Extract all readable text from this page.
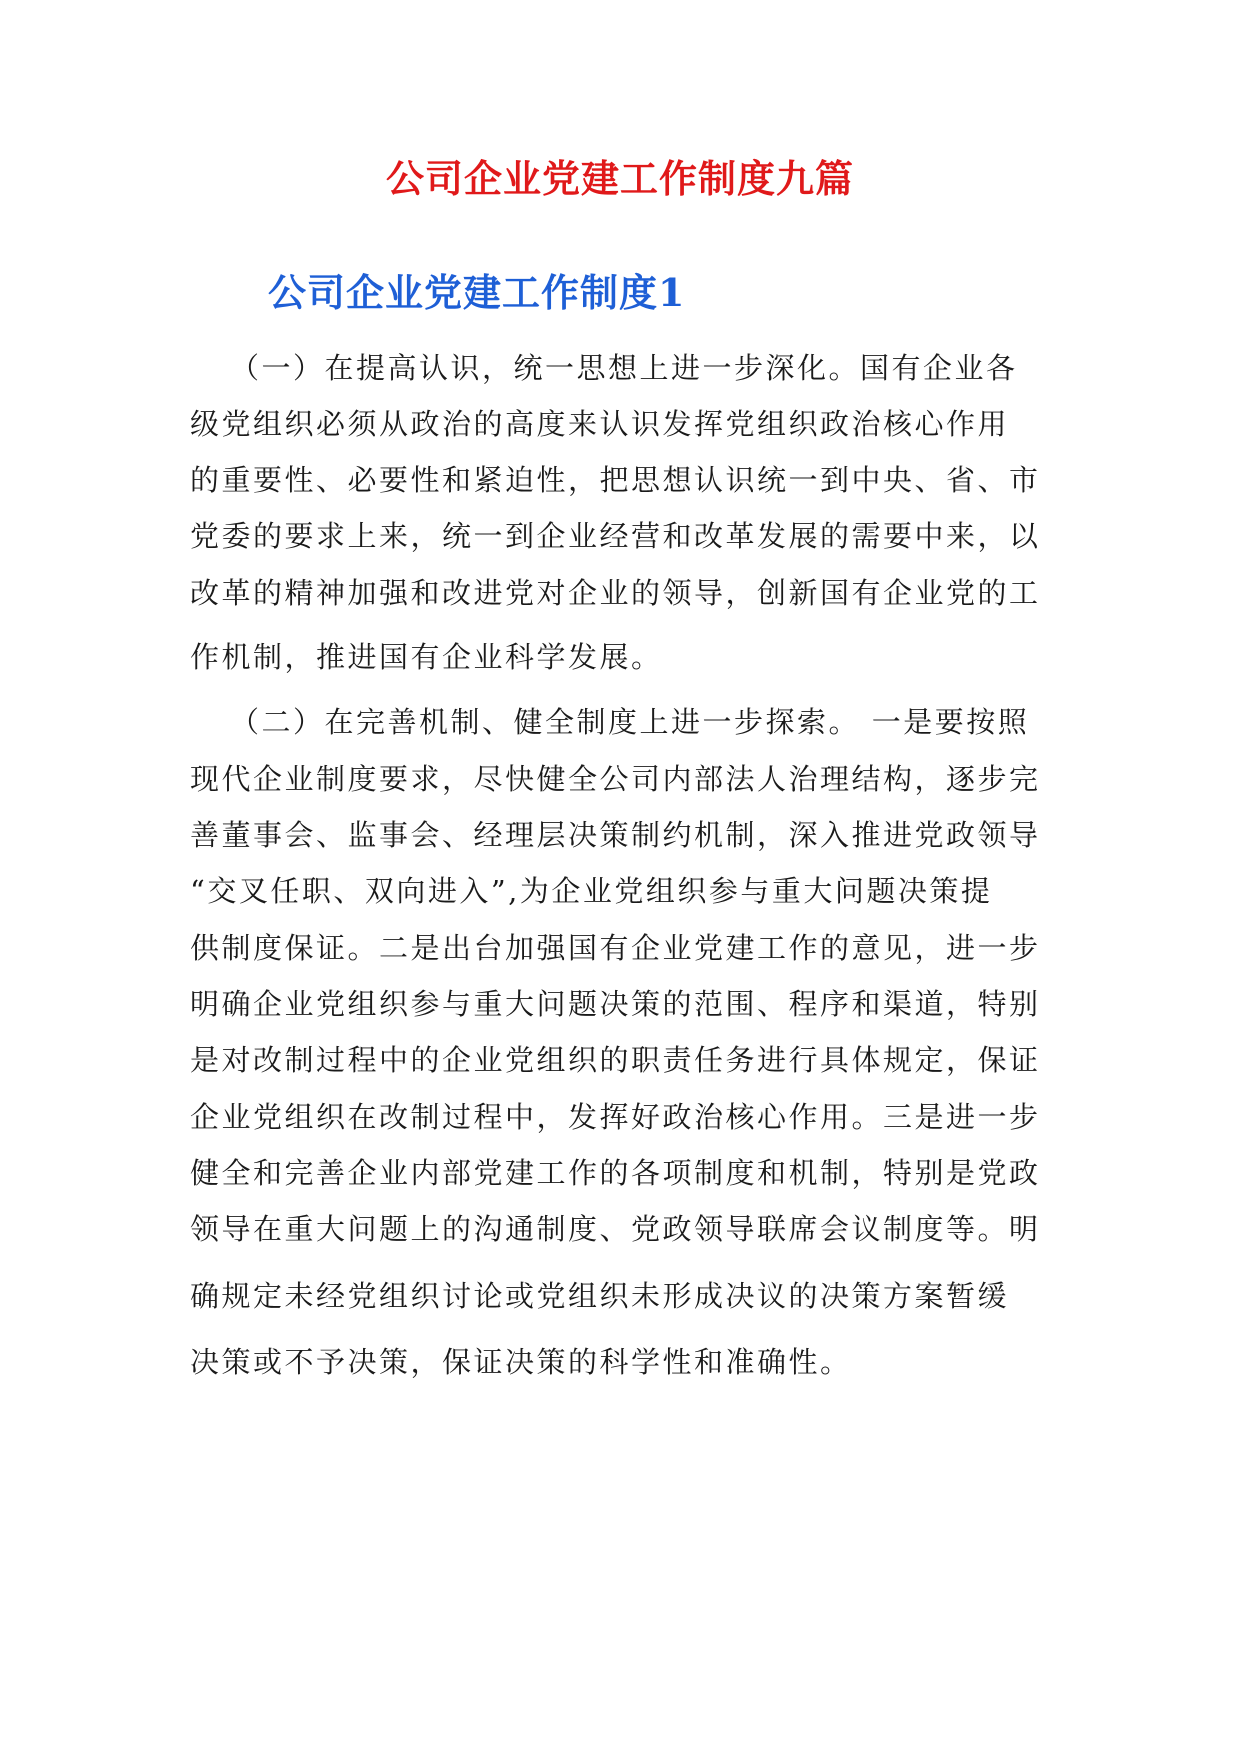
公司企业党建工作制度九篇
公司企业党建工作制度1
（一）在提高认识，统一思想上进一步深化。国有企业各
级党组织必须从政治的高度来认识发挥党组织政治核心作用
的重要性、必要性和紧迫性，把思想认识统一到中央、省、市
党委的要求上来，统一到企业经营和改革发展的需要中来，以
改革的精神加强和改进党对企业的领导，创新国有企业党的工
作机制，推进国有企业科学发展。
（二）在完善机制、健全制度上进一步探索。 一是要按照
现代企业制度要求，尽快健全公司内部法人治理结构，逐步完
善董事会、监事会、经理层决策制约机制，深入推进党政领导
“交叉任职、双向进入”,为企业党组织参与重大问题决策提
供制度保证。二是出台加强国有企业党建工作的意见，进一步
明确企业党组织参与重大问题决策的范围、程序和渠道，特别
是对改制过程中的企业党组织的职责任务进行具体规定，保证
企业党组织在改制过程中，发挥好政治核心作用。三是进一步
健全和完善企业内部党建工作的各项制度和机制，特别是党政
领导在重大问题上的沟通制度、党政领导联席会议制度等。明
确规定未经党组织讨论或党组织未形成决议的决策方案暂缓
决策或不予决策，保证决策的科学性和准确性。
